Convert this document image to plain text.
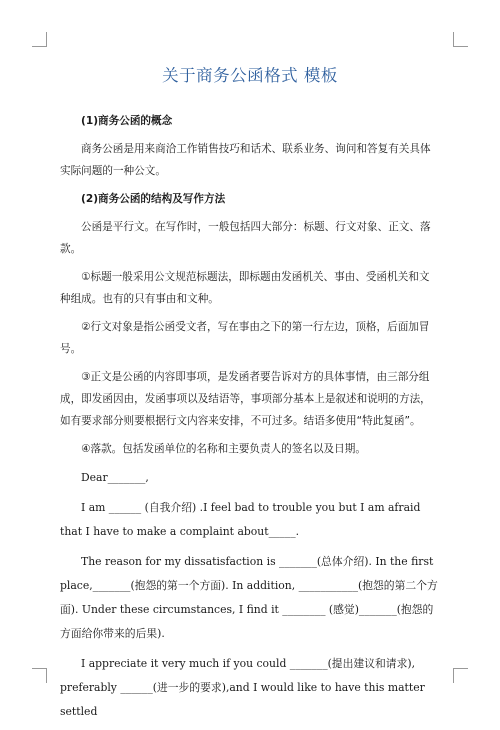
关于商务公函格式 模板

(1)商务公函的概念

商务公函是用来商洽工作销售技巧和话术、联系业务、询问和答复有关具体实际问题的一种公文。

(2)商务公函的结构及写作方法

公函是平行文。在写作时，一般包括四大部分：标题、行文对象、正文、落款。

①标题一般采用公文规范标题法，即标题由发函机关、事由、受函机关和文种组成。也有的只有事由和文种。

②行文对象是指公函受文者，写在事由之下的第一行左边，顶格，后面加冒号。

③正文是公函的内容即事项，是发函者要告诉对方的具体事情，由三部分组成，即发函因由，发函事项以及结语等，事项部分基本上是叙述和说明的方法，如有要求部分则要根据行文内容来安排，不可过多。结语多使用“特此复函”。

④落款。包括发函单位的名称和主要负责人的签名以及日期。

Dear_______,

I am ______ (自我介绍) .I feel bad to trouble you but I am afraid that I have to make a complaint about_____.

The reason for my dissatisfaction is _______(总体介绍). In the first place,_______(抱怨的第一个方面). In addition, ___________(抱怨的第二个方面). Under these circumstances, I find it ________ (感觉)_______(抱怨的方面给你带来的后果).

I appreciate it very much if you could _______(提出建议和请求), preferably ______(进一步的要求),and I would like to have this matter settled
